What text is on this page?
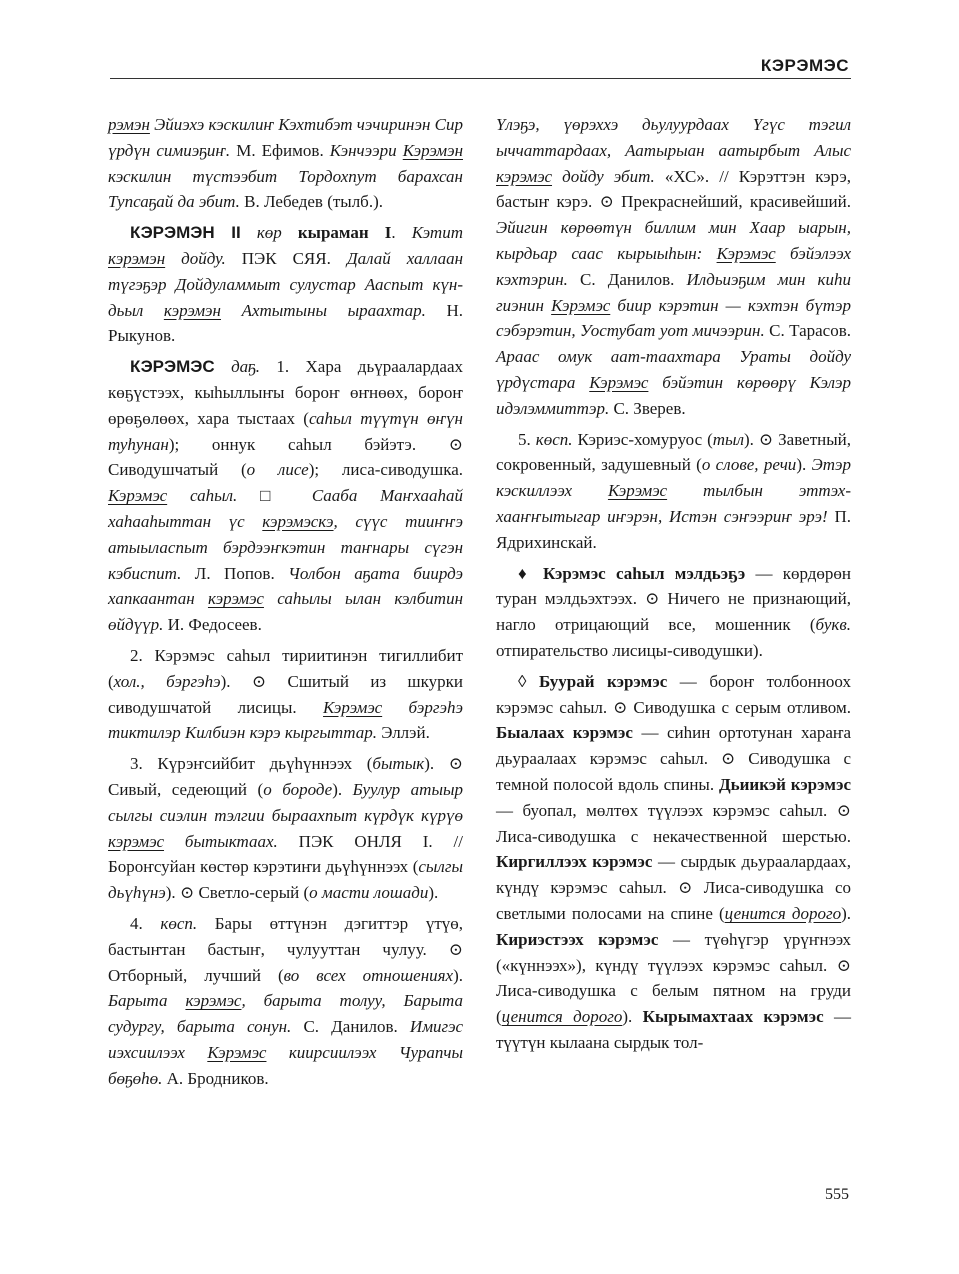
КЭРЭМЭС

рэмэн Эйиэхэ кэскилиҥ Кэхтибэт чэчиринэн Сир үрдүн симиэҕиҥ. М. Ефимов. Кэнчээри Кэрэмэн кэскилин түстээбит Тордохпут барахсан Тупсаҕай да эбит. В. Лебедев (тылб.).

КЭРЭМЭН II көр кыраман I. Кэтит кэрэмэн дойду. ПЭК СЯЯ. Далай халлаан түгэҕэр Дойдуламмыт сулустар Ааспыт күн-дьыл кэрэмэн Ахтытыны ыраахтар. Н. Рыкунов.

КЭРЭМЭС даҕ. 1. Хара дьүраалардаах көҕүстээх, кыһыллыҥы бороҥ өҥнөөх, бороҥ өрөҕөлөөх, хара тыстаах (саһыл түүтүн өҥүн туһунан); оннук саһыл бэйэтэ. ⊙ Сиводушчатый (о лисе); лиса-сиводушка. Кэрэмэс саһыл. □ Сааба Маҥхааһай хаһааһыттан үс кэрэмэскэ, сүүс тииҥҥэ атыыласпыт бэрдээҥкэтин таҥнары сүгэн кэбиспит. Л. Попов. Чолбон аҕата биирдэ хапкаантан кэрэмэс саһылы ылан кэлбитин өйдүүр. И. Федосеев.

2. Кэрэмэс саһыл тириитинэн тигиллибит (хол., бэргэһэ). ⊙ Сшитый из шкурки сиводушчатой лисицы. Кэрэмэс бэргэһэ тиктилэр Килбиэн кэрэ кыргыттар. Эллэй.

3. Күрэҥсийбит дьүһүннээх (бытык). ⊙ Сивый, седеющий (о бороде). Буулур атыыр сылгы сиэлин тэлгии быраахпыт күрдүк күрүө кэрэмэс бытыктаах. ПЭК ОНЛЯ I. // Бороҥсуйан көстөр кэрэтиҥи дьүһүннээх (сылгы дьүһүнэ). ⊙ Светло-серый (о масти лошади).

4. көсп. Бары өттүнэн дэгиттэр үтүө, бастыҥтан бастыҥ, чулууттан чулуу. ⊙ Отборный, лучший (во всех отношениях). Барыта кэрэмэс, барыта толуу, Барыта судургу, барыта сонун. С. Данилов. Имигэс иэхсиилээх Кэрэмэс киирсиилээх Чурапчы бөҕөһө. А. Бродников.

Үлэҕэ, үөрэххэ дьулуурдаах Үгүс тэгил ыччаттардаах, Аатырыан аатырбыт Алыс кэрэмэс дойду эбит. «ХС». // Кэрэттэн кэрэ, бастыҥ кэрэ. ⊙ Прекраснейший, красивейший. Эйигин көрөөтүн биллим мин Хаар ыарын, кырдьар саас кырыыһын: Кэрэмэс бэйэлээх кэхтэрин. С. Данилов. Илдьиэҕим мин киһи гиэнин Кэрэмэс биир кэрэтин — кэхтэн бүтэр сэбэрэтин, Уостубат уот мичээрин. С. Тарасов. Араас омук аат-таахтара Ураты дойду үрдүстара Кэрэмэс бэйэтин көрөөрү Кэлэр идэлэммиттэр. С. Зверев.

5. көсп. Кэриэс-хомуруос (тыл). ⊙ Заветный, сокровенный, задушевный (о слове, речи). Этэр кэскиллээх Кэрэмэс тылбын эттэх-хааҥҥытыгар иҥэрэн, Истэн сэҥээриҥ эрэ! П. Ядрихинскай.

♦ Кэрэмэс саһыл мэлдьэҕэ — көрдөрөн туран мэлдьэхтээх. ⊙ Ничего не признающий, нагло отрицающий все, мошенник (букв. отпирательство лисицы-сиводушки).

◊ Буурай кэрэмэс — бороҥ толбонноох кэрэмэс саһыл. ⊙ Сиводушка с серым отливом. Быалаах кэрэмэс — сиһин ортотунан хараҥа дьураалаах кэрэмэс саһыл. ⊙ Сиводушка с темной полосой вдоль спины. Дьиикэй кэрэмэс — буопал, мөлтөх түүлээх кэрэмэс саһыл. ⊙ Лиса-сиводушка с некачественной шерстью. Киргиллээх кэрэмэс — сырдык дьураалардаах, күндү кэрэмэс саһыл. ⊙ Лиса-сиводушка со светлыми полосами на спине (ценится дорого). Кириэстээх кэрэмэс — түөһүгэр үрүҥнээх («күннээх»), күндү түүлээх кэрэмэс саһыл. ⊙ Лиса-сиводушка с белым пятном на груди (ценится дорого). Кырымахтаах кэрэмэс — түүтүн кылаана сырдык тол-

555
